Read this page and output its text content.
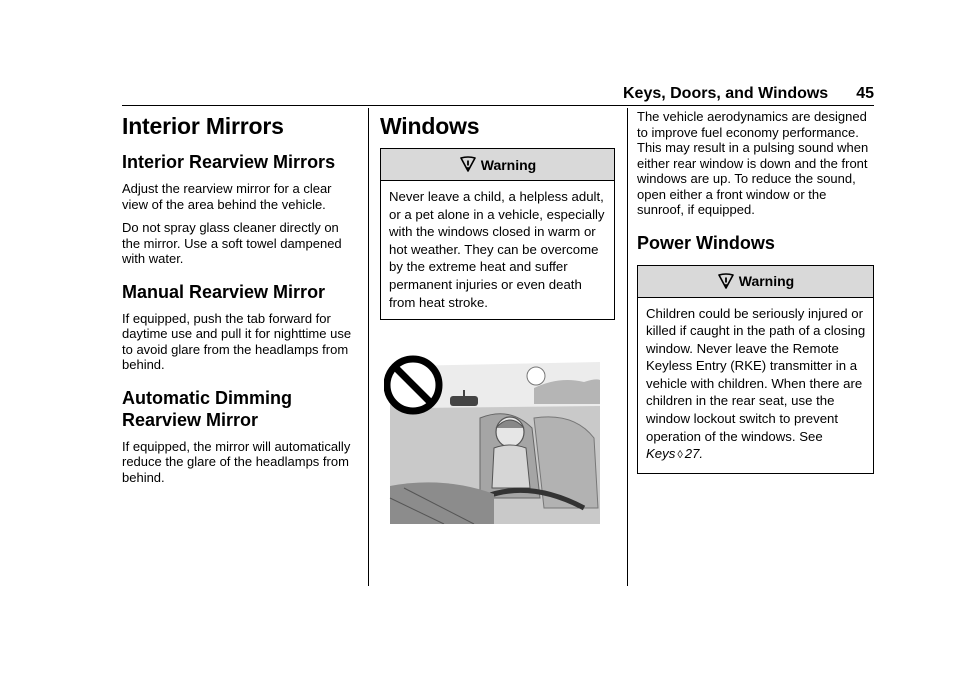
Keys, Doors, and Windows 45
Interior Mirrors
Interior Rearview Mirrors

Adjust the rearview mirror for a clear view of the area behind the vehicle.

Do not spray glass cleaner directly on the mirror. Use a soft towel dampened with water.

Manual Rearview Mirror

If equipped, push the tab forward for daytime use and pull it for nighttime use to avoid glare from the headlamps from behind.

Automatic Dimming
Rearview Mirror

If equipped, the mirror will automatically reduce the glare of the headlamps from behind.

Windows
Warning
Never leave a child, a helpless adult, or a pet alone in a vehicle, especially with the windows closed in warm or hot weather. They can be overcome by the extreme heat and suffer permanent injuries or even death from heat stroke.

The vehicle aerodynamics are designed to improve fuel economy performance. This may result in a pulsing sound when either rear window is down and the front windows are up. To reduce the sound, open either a front window or the sunroof, if equipped.

Power Windows
Warning
Children could be seriously injured or killed if caught in the path of a closing window. Never leave the Remote Keyless Entry (RKE) transmitter in a vehicle with children. When there are children in the rear seat, use the window lockout switch to prevent operation of the windows. See
Keys ◊ 27.
